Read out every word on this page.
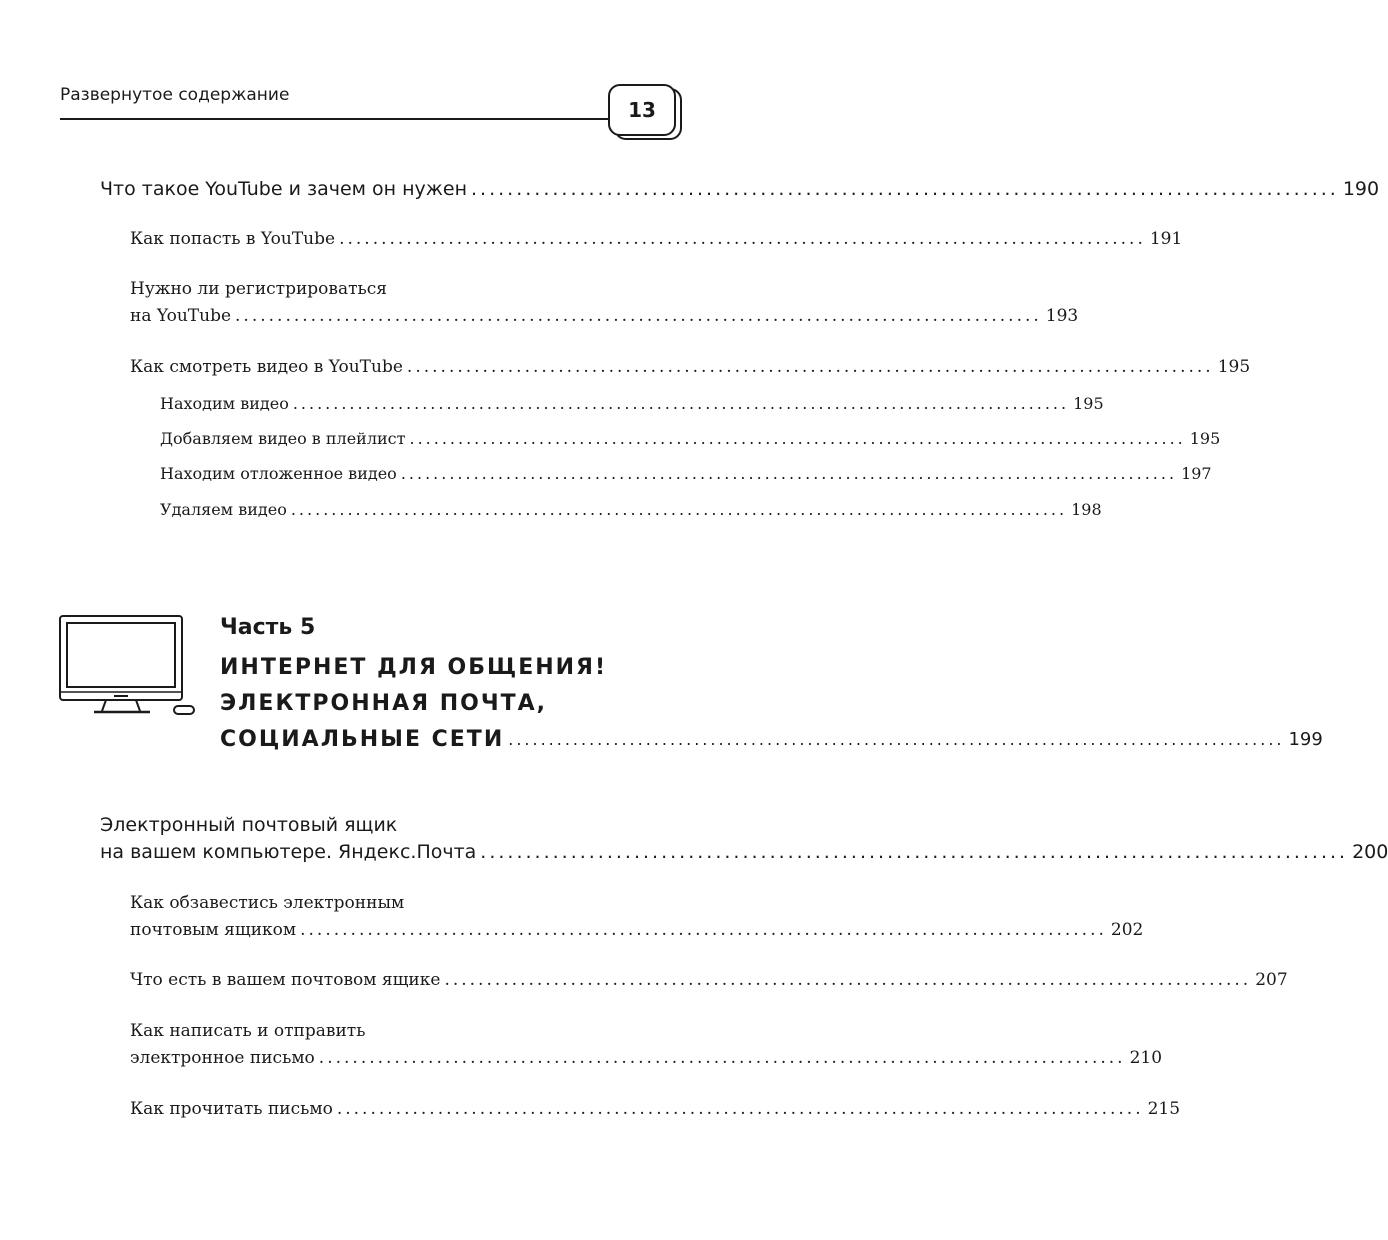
Развернутое содержание
13
Что такое YouTube и зачем он нужен ................................................................................................ 190
Как попасть в YouTube ................................................................................................ 191
Нужно ли регистрироваться
на YouTube ................................................................................................ 193
Как смотреть видео в YouTube ................................................................................................ 195
Находим видео ................................................................................................ 195
Добавляем видео в плейлист ................................................................................................ 195
Находим отложенное видео ................................................................................................ 197
Удаляем видео ................................................................................................ 198
Часть 5
ИНТЕРНЕТ ДЛЯ ОБЩЕНИЯ!
ЭЛЕКТРОННАЯ ПОЧТА,
СОЦИАЛЬНЫЕ СЕТИ ................................................................................................ 199
Электронный почтовый ящик
на вашем компьютере. Яндекс.Почта ................................................................................................ 200
Как обзавестись электронным
почтовым ящиком ................................................................................................ 202
Что есть в вашем почтовом ящике ................................................................................................ 207
Как написать и отправить
электронное письмо ................................................................................................ 210
Как прочитать письмо ................................................................................................ 215
